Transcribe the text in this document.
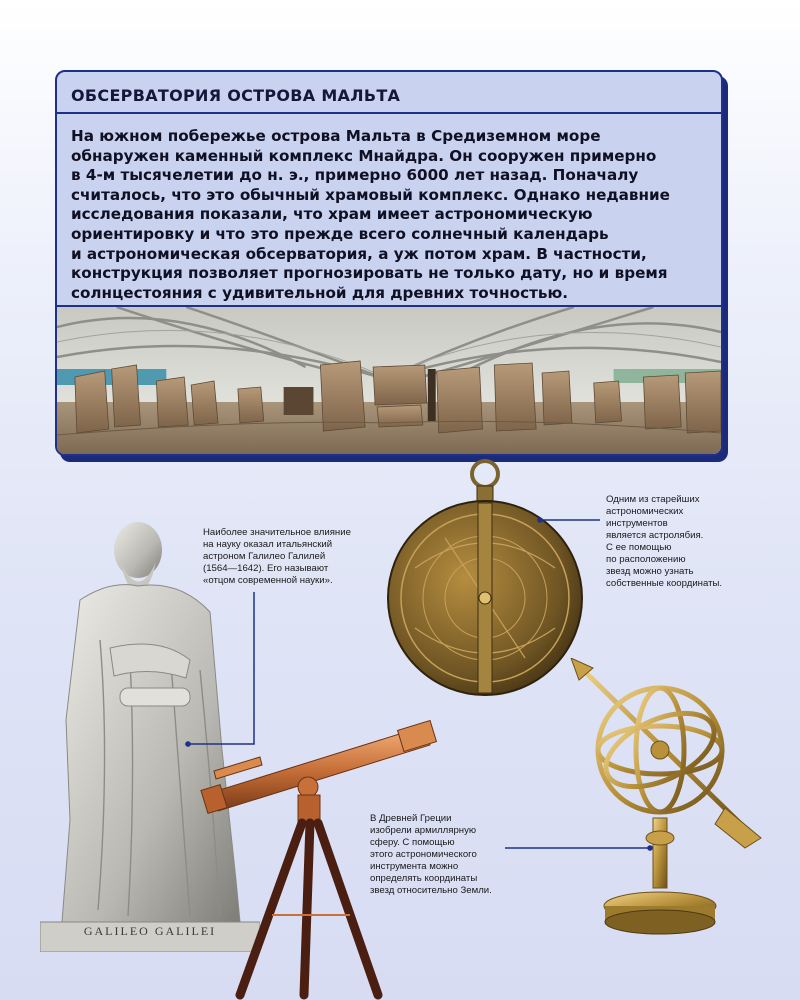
ОБСЕРВАТОРИЯ ОСТРОВА МАЛЬТА
На южном побережье острова Мальта в Средиземном море
обнаружен каменный комплекс Мнайдра. Он сооружен примерно
в 4-м тысячелетии до н. э., примерно 6000 лет назад. Поначалу
считалось, что это обычный храмовый комплекс. Однако недавние
исследования показали, что храм имеет астрономическую
ориентировку и что это прежде всего солнечный календарь
и астрономическая обсерватория, а уж потом храм. В частности,
конструкция позволяет прогнозировать не только дату, но и время
солнцестояния с удивительной для древних точностью.
GALILEO GALILEI
Наиболее значительное влияние
на науку оказал итальянский
астроном Галилео Галилей
(1564—1642). Его называют
«отцом современной науки».
Одним из старейших
астрономических
инструментов
является астролябия.
С ее помощью
по расположению
звезд можно узнать
собственные координаты.
В Древней Греции
изобрели армиллярную
сферу. С помощью
этого астрономического
инструмента можно
определять координаты
звезд относительно Земли.
